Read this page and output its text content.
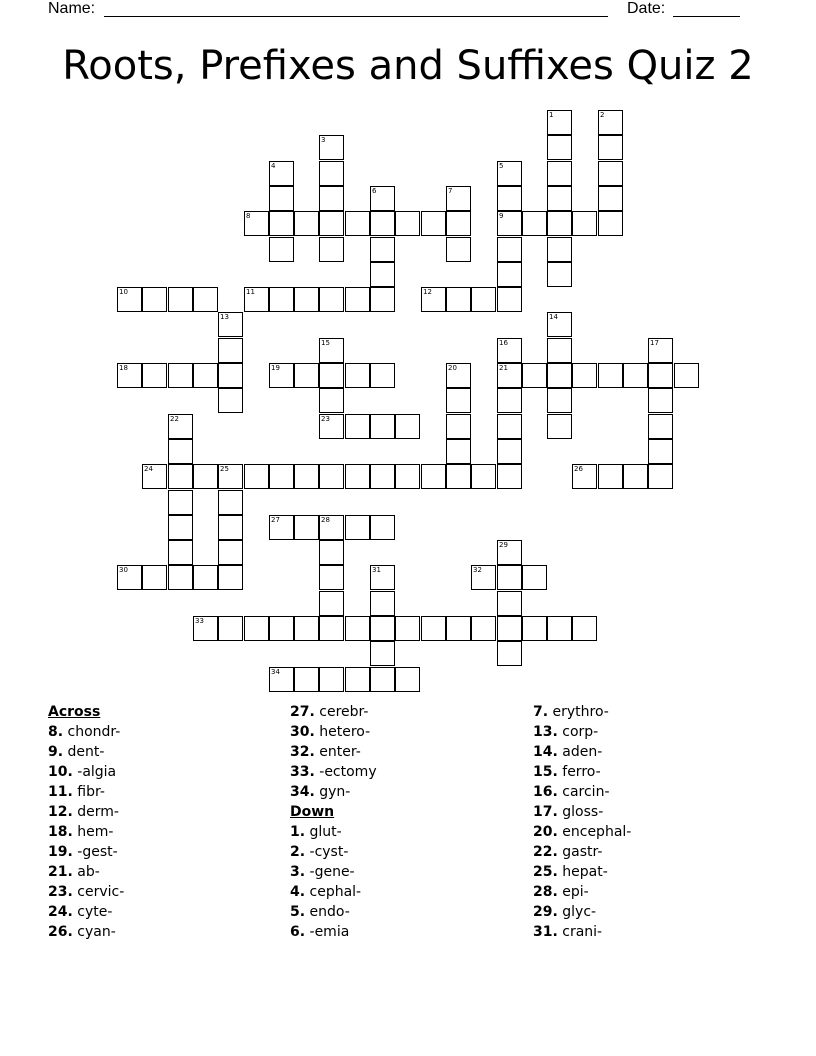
Name:	Date:
Roots, Prefixes and Suffixes Quiz 2
8	9
10	11	12
18	19	21
23
24	25	26
27	28
30	32
33
34
1	2
3
4	5
6	7
13	14
15	16	17
20
22
29
31
Across
8. chondr-
9. dent-
10. -algia
11. fibr-
12. derm-
18. hem-
19. -gest-
21. ab-
23. cervic-
24. cyte-
26. cyan-
27. cerebr-
30. hetero-
32. enter-
33. -ectomy
34. gyn-
Down
1. glut-
2. -cyst-
3. -gene-
4. cephal-
5. endo-
6. -emia
7. erythro-
13. corp-
14. aden-
15. ferro-
16. carcin-
17. gloss-
20. encephal-
22. gastr-
25. hepat-
28. epi-
29. glyc-
31. crani-
